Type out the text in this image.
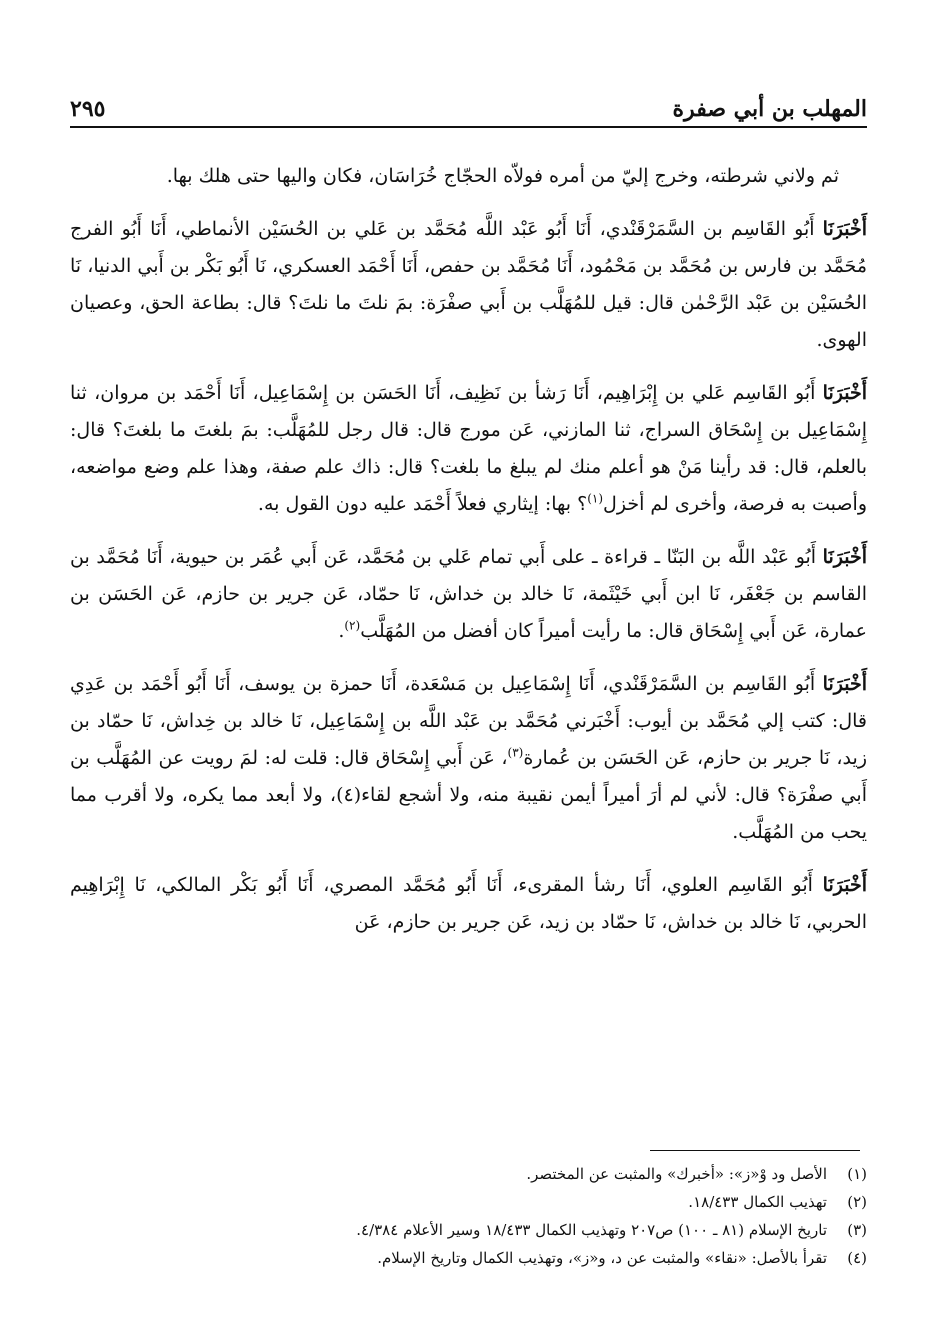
٢٩٥	المهلب بن أبي صفرة

ثم ولاني شرطته، وخرج إليّ من أمره فولاّه الحجّاج خُرَاسَان، فكان واليها حتى هلك بها.

أَخْبَرَنَا أَبُو القَاسِم بن السَّمَرْقَنْدي، أَنَا أَبُو عَبْد اللَّه مُحَمَّد بن عَلي بن الحُسَيْن الأنماطي، أَنَا أَبُو الفرج مُحَمَّد بن فارس بن مُحَمَّد بن مَحْمُود، أَنَا مُحَمَّد بن حفص، أَنَا أَحْمَد العسكري، نَا أَبُو بَكْر بن أَبي الدنيا، نَا الحُسَيْن بن عَبْد الرَّحْمٰن قال: قيل للمُهَلَّب بن أَبي صفْرَة: بمَ نلتَ ما نلتَ؟ قال: بطاعة الحق، وعصيان الهوى.

أَخْبَرَنَا أَبُو القَاسِم عَلي بن إِبْرَاهِيم، أَنَا رَشأ بن نَظِيف، أَنَا الحَسَن بن إِسْمَاعِيل، أَنَا أَحْمَد بن مروان، ثنا إِسْمَاعِيل بن إِسْحَاق السراج، ثنا المازني، عَن مورج قال: قال رجل للمُهَلَّب: بمَ بلغتَ ما بلغتَ؟ قال: بالعلم، قال: قد رأينا مَنْ هو أعلم منك لم يبلغ ما بلغت؟ قال: ذاك علم صفة، وهذا علم وضع مواضعه، وأصبت به فرصة، وأخرى لم أخزل$^{(١)}$؟ بها: إيثاري فعلاً أَحْمَد عليه دون القول به.

أَخْبَرَنَا أَبُو عَبْد اللَّه بن البَنّا ـ قراءة ـ على أَبي تمام عَلي بن مُحَمَّد، عَن أَبي عُمَر بن حيوية، أَنَا مُحَمَّد بن القاسم بن جَعْفَر، نَا ابن أَبي خَيْثَمة، نَا خالد بن خداش، نَا حمّاد، عَن جرير بن حازم، عَن الحَسَن بن عمارة، عَن أَبي إِسْحَاق قال: ما رأيت أميراً كان أفضل من المُهَلَّب$^{(٢)}$.

أَخْبَرَنَا أَبُو القَاسِم بن السَّمَرْقَنْدي، أَنَا إِسْمَاعِيل بن مَسْعَدة، أَنَا حمزة بن يوسف، أَنَا أَبُو أَحْمَد بن عَدِي قال: كتب إلي مُحَمَّد بن أيوب: أَخْبَرني مُحَمَّد بن عَبْد اللَّه بن إِسْمَاعِيل، نَا خالد بن خِداش، نَا حمّاد بن زيد، نَا جرير بن حازم، عَن الحَسَن بن عُمارة$^{(٣)}$، عَن أَبي إِسْحَاق قال: قلت له: لمَ رويت عن المُهَلَّب بن أَبي صفْرَة؟ قال: لأني لم أرَ أميراً أيمن نقيبة منه، ولا أشجع لقاء(٤)، ولا أبعد مما يكره، ولا أقرب مما يحب من المُهَلَّب.

أَخْبَرَنَا أَبُو القَاسِم العلوي، أَنَا رشأ المقرىء، أَنَا أَبُو مُحَمَّد المصري، أَنَا أَبُو بَكْر المالكي، نَا إِبْرَاهِيم الحربي، نَا خالد بن خداش، نَا حمّاد بن زيد، عَن جرير بن حازم، عَن

(١)
الأصل ود وْ«ز»: «أخبرك» والمثبت عن المختصر.
(٢)
تهذيب الكمال ١٨/٤٣٣.
(٣)
تاريخ الإسلام (٨١ ـ ١٠٠) ص٢٠٧ وتهذيب الكمال ١٨/٤٣٣ وسير الأعلام ٤/٣٨٤.
(٤)
تقرأ بالأصل: «نقاء» والمثبت عن د، و«ز»، وتهذيب الكمال وتاريخ الإسلام.
